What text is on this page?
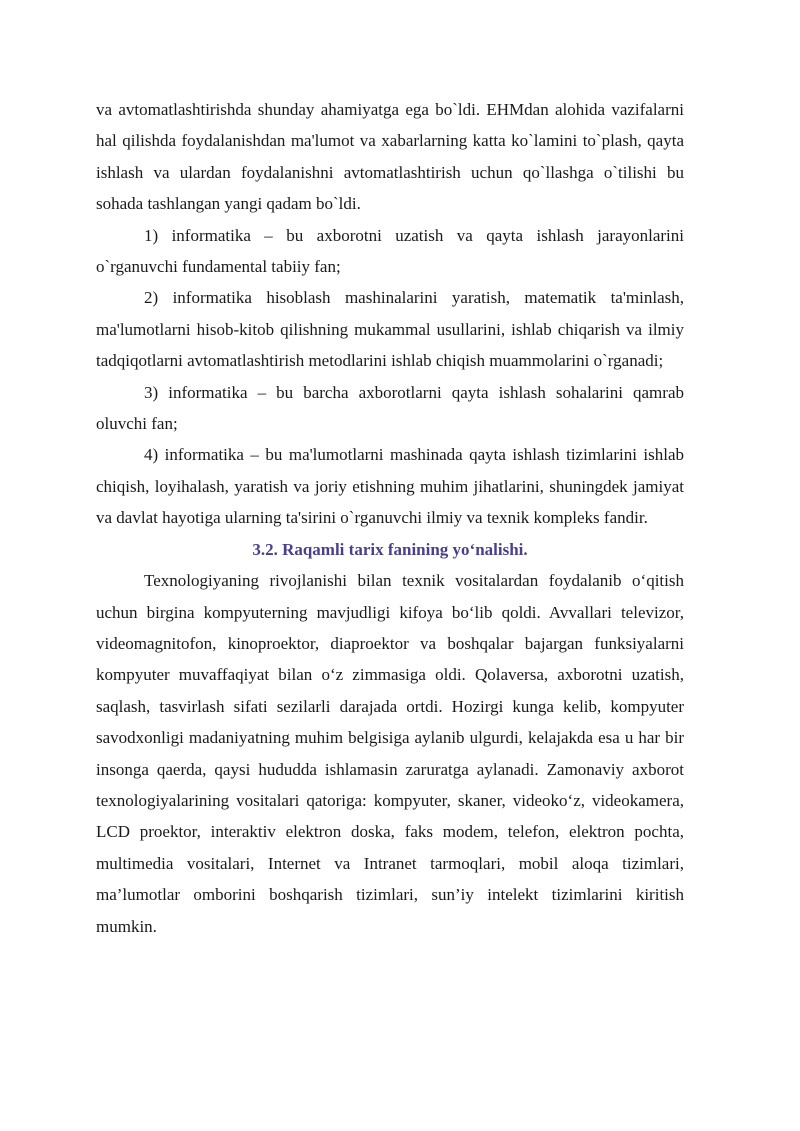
va avtomatlashtirishda shunday ahamiyatga ega bo`ldi. EHMdan alohida vazifalarni hal qilishda foydalanishdan ma'lumot va xabarlarning katta ko`lamini to`plash, qayta ishlash va ulardan foydalanishni avtomatlashtirish uchun qo`llashga o`tilishi bu sohada tashlangan yangi qadam bo`ldi.

1) informatika – bu axborotni uzatish va qayta ishlash jarayonlarini o`rganuvchi fundamental tabiiy fan;

2) informatika hisoblash mashinalarini yaratish, matematik ta'minlash, ma'lumotlarni hisob-kitob qilishning mukammal usullarini, ishlab chiqarish va ilmiy tadqiqotlarni avtomatlashtirish metodlarini ishlab chiqish muammolarini o`rganadi;

3) informatika – bu barcha axborotlarni qayta ishlash sohalarini qamrab oluvchi fan;

4) informatika – bu ma'lumotlarni mashinada qayta ishlash tizimlarini ishlab chiqish, loyihalash, yaratish va joriy etishning muhim jihatlarini, shuningdek jamiyat va davlat hayotiga ularning ta'sirini o`rganuvchi ilmiy va texnik kompleks fandir.

3.2. Raqamli tarix fanining yo‘nalishi.

Texnologiyaning rivojlanishi bilan texnik vositalardan foydalanib o‘qitish uchun birgina kompyuterning mavjudligi kifoya bo‘lib qoldi. Avvallari televizor, videomagnitofon, kinoproektor, diaproektor va boshqalar bajargan funksiyalarni kompyuter muvaffaqiyat bilan o‘z zimmasiga oldi. Qolaversa, axborotni uzatish, saqlash, tasvirlash sifati sezilarli darajada ortdi. Hozirgi kunga kelib, kompyuter savodxonligi madaniyatning muhim belgisiga aylanib ulgurdi, kelajakda esa u har bir insonga qaerda, qaysi hududda ishlamasin zaruratga aylanadi. Zamonaviy axborot texnologiyalarining vositalari qatoriga: kompyuter, skaner, videoko‘z, videokamera, LCD proektor, interaktiv elektron doska, faks modem, telefon, elektron pochta, multimedia vositalari, Internet va Intranet tarmoqlari, mobil aloqa tizimlari, ma’lumotlar omborini boshqarish tizimlari, sun’iy intelekt tizimlarini kiritish mumkin.
